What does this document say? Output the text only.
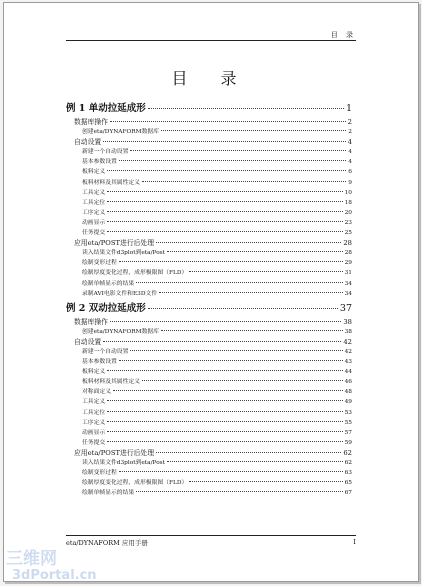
目 录
目 录
例 1 单动拉延成形	1
数据库操作	2
创建eta/DYNAFORM数据库	2
自动设置	4
新建一个自动设置	4
基本参数设置	4
板料定义	6
板料材料及其属性定义	9
工具定义	10
工具定位	18
工序定义	20
动画显示	23
任务提交	25
应用eta/POST进行后处理	28
读入结果文件d3plot到eta/Post	28
绘制变形过程	29
绘制厚度变化过程，成形极限图（FLD）	31
绘制单帧显示的结果	34
录制AVI电影文件和E3D文件	34
例 2 双动拉延成形	37
数据库操作	38
创建eta/DYNAFORM数据库	38
自动设置	42
新建一个自动设置	42
基本参数设置	43
板料定义	44
板料材料及其属性定义	46
对称面定义	48
工具定义	49
工具定位	53
工序定义	55
动画显示	57
任务提交	59
应用eta/POST进行后处理	62
读入结果文件d3plot到eta/Post	62
绘制变形过程	63
绘制厚度变化过程，成形极限图（FLD）	65
绘制单帧显示的结果	67
eta/DYNAFORM 应用手册	I
三维网
3dPortal.cn
